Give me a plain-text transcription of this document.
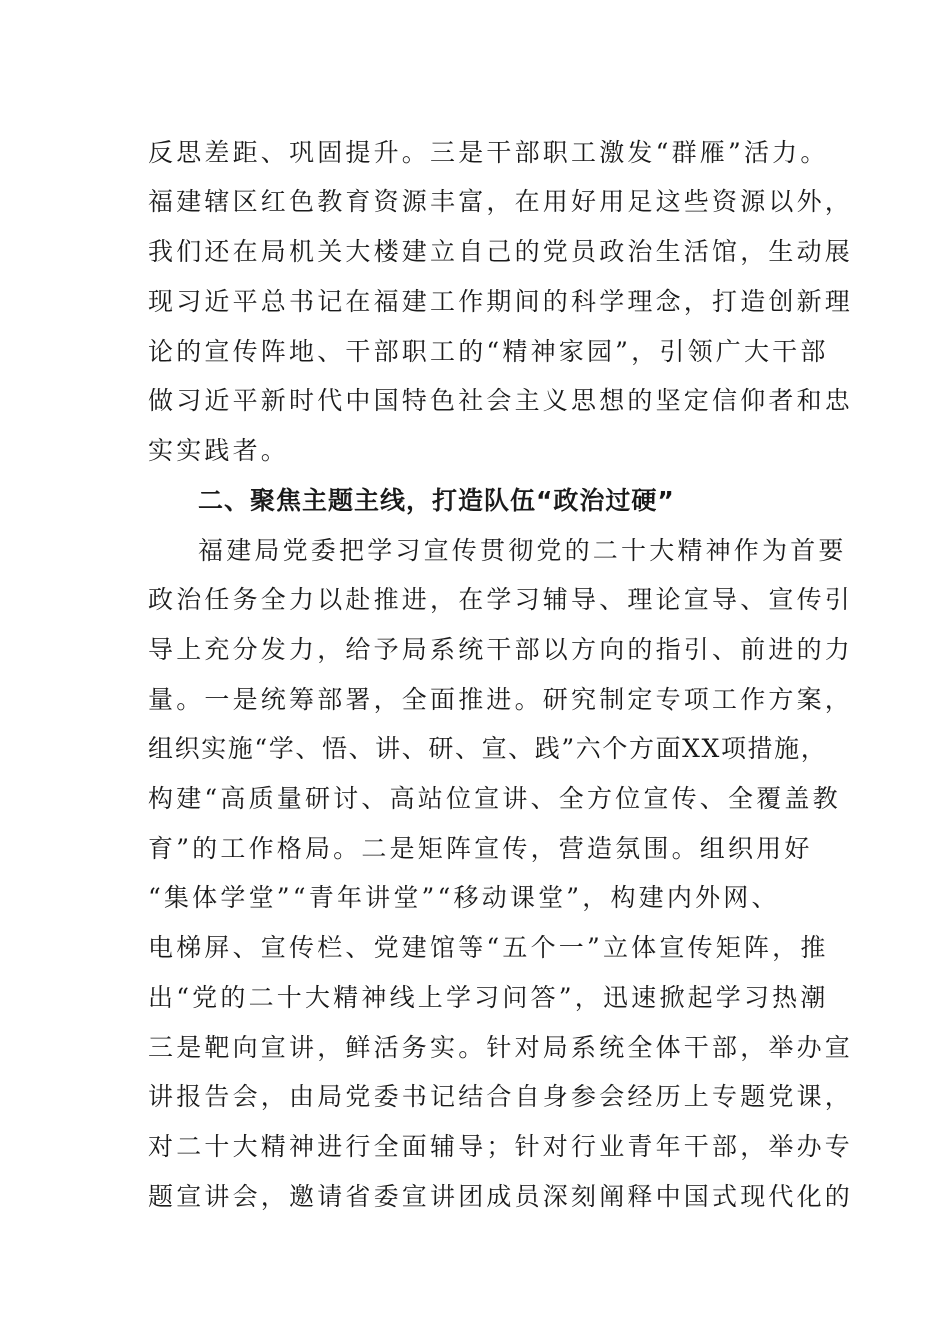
反思差距、巩固提升。三是干部职工激发“群雁”活力。
福建辖区红色教育资源丰富，在用好用足这些资源以外，
我们还在局机关大楼建立自己的党员政治生活馆，生动展
现习近平总书记在福建工作期间的科学理念，打造创新理
论的宣传阵地、干部职工的“精神家园”，引领广大干部
做习近平新时代中国特色社会主义思想的坚定信仰者和忠
实实践者。
二、聚焦主题主线，打造队伍“政治过硬”
福建局党委把学习宣传贯彻党的二十大精神作为首要
政治任务全力以赴推进，在学习辅导、理论宣导、宣传引
导上充分发力，给予局系统干部以方向的指引、前进的力
量。一是统筹部署，全面推进。研究制定专项工作方案，
组织实施“学、悟、讲、研、宣、践”六个方面XX项措施，
构建“高质量研讨、高站位宣讲、全方位宣传、全覆盖教
育”的工作格局。二是矩阵宣传，营造氛围。组织用好
“集体学堂”“青年讲堂”“移动课堂”，构建内外网、
电梯屏、宣传栏、党建馆等“五个一”立体宣传矩阵，推
出“党的二十大精神线上学习问答”，迅速掀起学习热潮
三是靶向宣讲，鲜活务实。针对局系统全体干部，举办宣
讲报告会，由局党委书记结合自身参会经历上专题党课，
对二十大精神进行全面辅导；针对行业青年干部，举办专
题宣讲会，邀请省委宣讲团成员深刻阐释中国式现代化的
